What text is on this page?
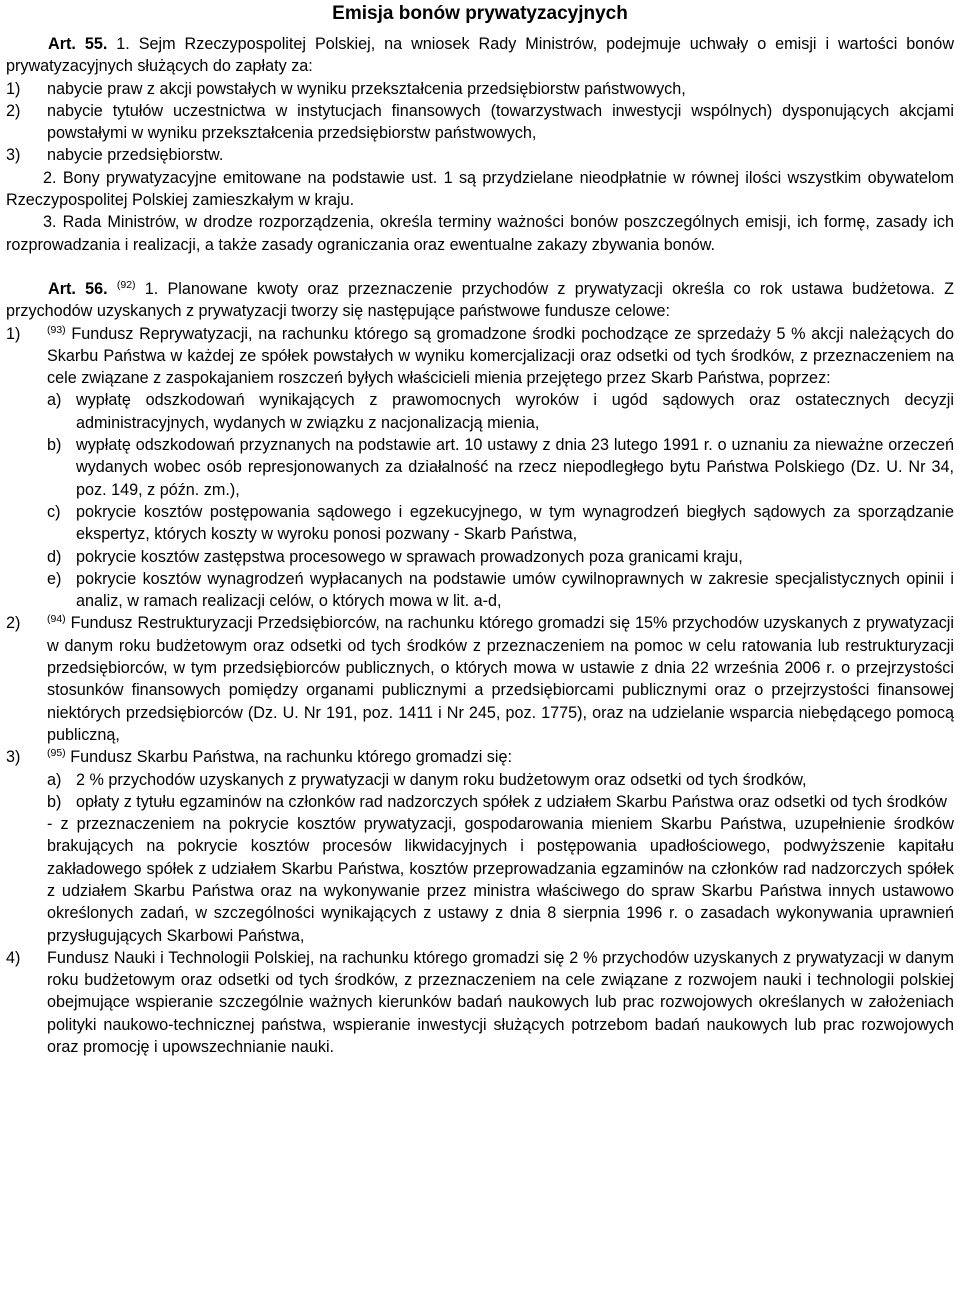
Emisja bonów prywatyzacyjnych

Art. 55. 1. Sejm Rzeczypospolitej Polskiej, na wniosek Rady Ministrów, podejmuje uchwały o emisji i wartości bonów prywatyzacyjnych służących do zapłaty za:

1)	nabycie praw z akcji powstałych w wyniku przekształcenia przedsiębiorstw państwowych,
2)	nabycie tytułów uczestnictwa w instytucjach finansowych (towarzystwach inwestycji wspólnych) dysponujących akcjami powstałymi w wyniku przekształcenia przedsiębiorstw państwowych,
3)	nabycie przedsiębiorstw.

2. Bony prywatyzacyjne emitowane na podstawie ust. 1 są przydzielane nieodpłatnie w równej ilości wszystkim obywatelom Rzeczypospolitej Polskiej zamieszkałym w kraju.

3. Rada Ministrów, w drodze rozporządzenia, określa terminy ważności bonów poszczególnych emisji, ich formę, zasady ich rozprowadzania i realizacji, a także zasady ograniczania oraz ewentualne zakazy zbywania bonów.

Art. 56. $^{(92)}$ 1. Planowane kwoty oraz przeznaczenie przychodów z prywatyzacji określa co rok ustawa budżetowa. Z przychodów uzyskanych z prywatyzacji tworzy się następujące państwowe fundusze celowe:

1)	$^{(93)}$ Fundusz Reprywatyzacji, na rachunku którego są gromadzone środki pochodzące ze sprzedaży 5 % akcji należących do Skarbu Państwa w każdej ze spółek powstałych w wyniku komercjalizacji oraz odsetki od tych środków, z przeznaczeniem na cele związane z zaspokajaniem roszczeń byłych właścicieli mienia przejętego przez Skarb Państwa, poprzez:
a) wypłatę odszkodowań wynikających z prawomocnych wyroków i ugód sądowych oraz ostatecznych decyzji administracyjnych, wydanych w związku z nacjonalizacją mienia,
b) wypłatę odszkodowań przyznanych na podstawie art. 10 ustawy z dnia 23 lutego 1991 r. o uznaniu za nieważne orzeczeń wydanych wobec osób represjonowanych za działalność na rzecz niepodległego bytu Państwa Polskiego (Dz. U. Nr 34, poz. 149, z późn. zm.),
c) pokrycie kosztów postępowania sądowego i egzekucyjnego, w tym wynagrodzeń biegłych sądowych za sporządzanie ekspertyz, których koszty w wyroku ponosi pozwany - Skarb Państwa,
d) pokrycie kosztów zastępstwa procesowego w sprawach prowadzonych poza granicami kraju,
e) pokrycie kosztów wynagrodzeń wypłacanych na podstawie umów cywilnoprawnych w zakresie specjalistycznych opinii i analiz, w ramach realizacji celów, o których mowa w lit. a-d,
2)	$^{(94)}$ Fundusz Restrukturyzacji Przedsiębiorców, na rachunku którego gromadzi się 15% przychodów uzyskanych z prywatyzacji w danym roku budżetowym oraz odsetki od tych środków z przeznaczeniem na pomoc w celu ratowania lub restrukturyzacji przedsiębiorców, w tym przedsiębiorców publicznych, o których mowa w ustawie z dnia 22 września 2006 r. o przejrzystości stosunków finansowych pomiędzy organami publicznymi a przedsiębiorcami publicznymi oraz o przejrzystości finansowej niektórych przedsiębiorców (Dz. U. Nr 191, poz. 1411 i Nr 245, poz. 1775), oraz na udzielanie wsparcia niebędącego pomocą publiczną,
3)	$^{(95)}$ Fundusz Skarbu Państwa, na rachunku którego gromadzi się:
a) 2 % przychodów uzyskanych z prywatyzacji w danym roku budżetowym oraz odsetki od tych środków,
b) opłaty z tytułu egzaminów na członków rad nadzorczych spółek z udziałem Skarbu Państwa oraz odsetki od tych środków

- z przeznaczeniem na pokrycie kosztów prywatyzacji, gospodarowania mieniem Skarbu Państwa, uzupełnienie środków brakujących na pokrycie kosztów procesów likwidacyjnych i postępowania upadłościowego, podwyższenie kapitału zakładowego spółek z udziałem Skarbu Państwa, kosztów przeprowadzania egzaminów na członków rad nadzorczych spółek z udziałem Skarbu Państwa oraz na wykonywanie przez ministra właściwego do spraw Skarbu Państwa innych ustawowo określonych zadań, w szczególności wynikających z ustawy z dnia 8 sierpnia 1996 r. o zasadach wykonywania uprawnień przysługujących Skarbowi Państwa,

4)	Fundusz Nauki i Technologii Polskiej, na rachunku którego gromadzi się 2 % przychodów uzyskanych z prywatyzacji w danym roku budżetowym oraz odsetki od tych środków, z przeznaczeniem na cele związane z rozwojem nauki i technologii polskiej obejmujące wspieranie szczególnie ważnych kierunków badań naukowych lub prac rozwojowych określanych w założeniach polityki naukowo-technicznej państwa, wspieranie inwestycji służących potrzebom badań naukowych lub prac rozwojowych oraz promocję i upowszechnianie nauki.
